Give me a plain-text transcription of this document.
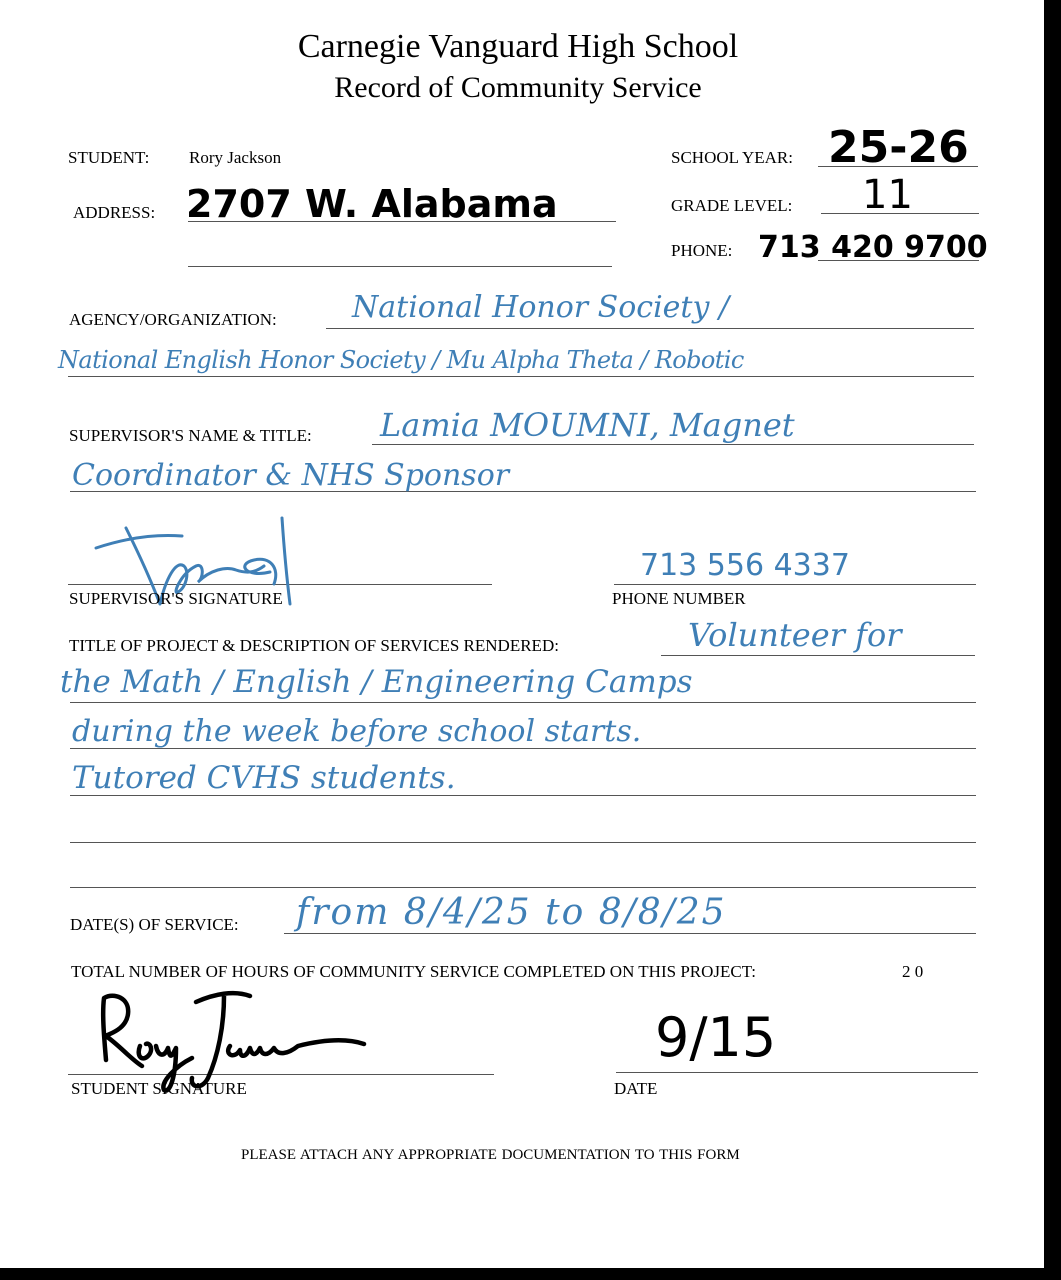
Carnegie Vanguard High School
Record of Community Service
STUDENT: Rory Jackson	SCHOOL YEAR: 25-26
ADDRESS: 2707 W. Alabama	GRADE LEVEL: 11
PHONE: 713 420 9700
AGENCY/ORGANIZATION:	National Honor Society /
National English Honor Society / Mu Alpha Theta / Robotic
SUPERVISOR'S NAME & TITLE: Lamia MOUMNI, Magnet
Coordinator & NHS Sponsor
SUPERVISOR'S SIGNATURE
713 556 4337
PHONE NUMBER
TITLE OF PROJECT & DESCRIPTION OF SERVICES RENDERED:	Volunteer for
the Math / English / Engineering Camps
during the week before school starts.
Tutored CVHS students.
DATE(S) OF SERVICE: from 8/4/25 to 8/8/25
TOTAL NUMBER OF HOURS OF COMMUNITY SERVICE COMPLETED ON THIS PROJECT:	2 0
STUDENT SIGNATURE
9/15
DATE
PLEASE ATTACH ANY APPROPRIATE DOCUMENTATION TO THIS FORM
